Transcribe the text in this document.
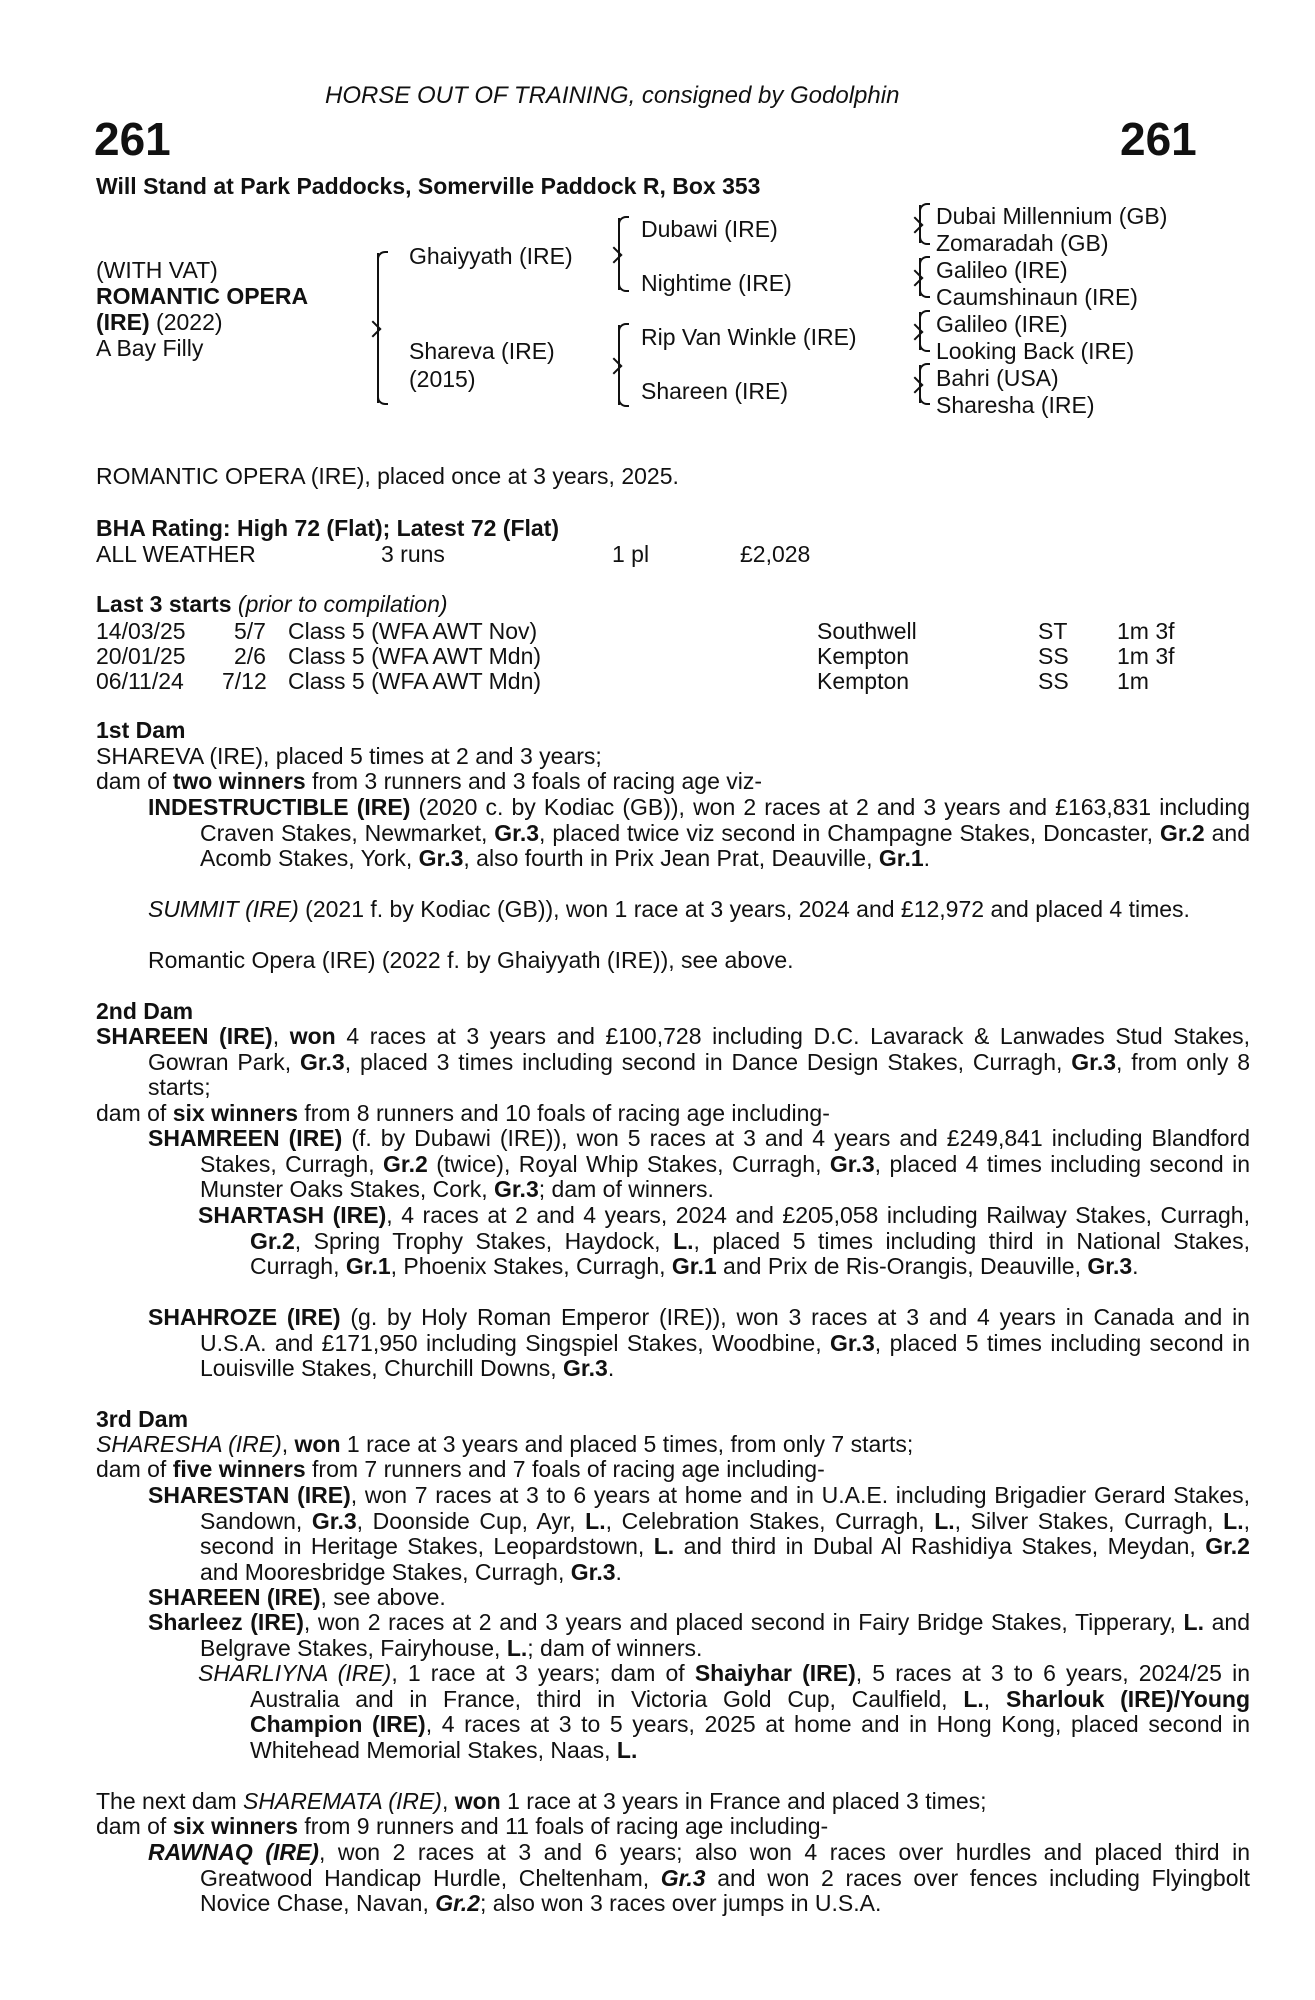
HORSE OUT OF TRAINING, consigned by Godolphin
261	261
Will Stand at Park Paddocks, Somerville Paddock R, Box 353
(WITH VAT)
ROMANTIC OPERA
(IRE) (2022)
A Bay Filly
Ghaiyyath (IRE)
Shareva (IRE)
(2015)
Dubawi (IRE)
Nightime (IRE)
Rip Van Winkle (IRE)
Shareen (IRE)
Dubai Millennium (GB)
Zomaradah (GB)
Galileo (IRE)
Caumshinaun (IRE)
Galileo (IRE)
Looking Back (IRE)
Bahri (USA)
Sharesha (IRE)
ROMANTIC OPERA (IRE), placed once at 3 years, 2025.
BHA Rating: High 72 (Flat); Latest 72 (Flat)
ALL WEATHER	3 runs	1 pl	£2,028
Last 3 starts (prior to compilation)
14/03/25 5/7 Class 5 (WFA AWT Nov)	Southwell	ST 1m 3f
20/01/25 2/6 Class 5 (WFA AWT Mdn)	Kempton	SS 1m 3f
06/11/24 7/12 Class 5 (WFA AWT Mdn)	Kempton	SS 1m
1st Dam
SHAREVA (IRE), placed 5 times at 2 and 3 years;
dam of two winners from 3 runners and 3 foals of racing age viz-
INDESTRUCTIBLE (IRE) (2020 c. by Kodiac (GB)), won 2 races at 2 and 3 years and £163,831 including Craven Stakes, Newmarket, Gr.3, placed twice viz second in Champagne Stakes, Doncaster, Gr.2 and Acomb Stakes, York, Gr.3, also fourth in Prix Jean Prat, Deauville, Gr.1.
SUMMIT (IRE) (2021 f. by Kodiac (GB)), won 1 race at 3 years, 2024 and £12,972 and placed 4 times.
Romantic Opera (IRE) (2022 f. by Ghaiyyath (IRE)), see above.
2nd Dam
SHAREEN (IRE), won 4 races at 3 years and £100,728 including D.C. Lavarack & Lanwades Stud Stakes, Gowran Park, Gr.3, placed 3 times including second in Dance Design Stakes, Curragh, Gr.3, from only 8 starts;
dam of six winners from 8 runners and 10 foals of racing age including-
SHAMREEN (IRE) (f. by Dubawi (IRE)), won 5 races at 3 and 4 years and £249,841 including Blandford Stakes, Curragh, Gr.2 (twice), Royal Whip Stakes, Curragh, Gr.3, placed 4 times including second in Munster Oaks Stakes, Cork, Gr.3; dam of winners.
SHARTASH (IRE), 4 races at 2 and 4 years, 2024 and £205,058 including Railway Stakes, Curragh, Gr.2, Spring Trophy Stakes, Haydock, L., placed 5 times including third in National Stakes, Curragh, Gr.1, Phoenix Stakes, Curragh, Gr.1 and Prix de Ris-Orangis, Deauville, Gr.3.
SHAHROZE (IRE) (g. by Holy Roman Emperor (IRE)), won 3 races at 3 and 4 years in Canada and in U.S.A. and £171,950 including Singspiel Stakes, Woodbine, Gr.3, placed 5 times including second in Louisville Stakes, Churchill Downs, Gr.3.
3rd Dam
SHARESHA (IRE), won 1 race at 3 years and placed 5 times, from only 7 starts;
dam of five winners from 7 runners and 7 foals of racing age including-
SHARESTAN (IRE), won 7 races at 3 to 6 years at home and in U.A.E. including Brigadier Gerard Stakes, Sandown, Gr.3, Doonside Cup, Ayr, L., Celebration Stakes, Curragh, L., Silver Stakes, Curragh, L., second in Heritage Stakes, Leopardstown, L. and third in Dubal Al Rashidiya Stakes, Meydan, Gr.2 and Mooresbridge Stakes, Curragh, Gr.3.
SHAREEN (IRE), see above.
Sharleez (IRE), won 2 races at 2 and 3 years and placed second in Fairy Bridge Stakes, Tipperary, L. and Belgrave Stakes, Fairyhouse, L.; dam of winners.
SHARLIYNA (IRE), 1 race at 3 years; dam of Shaiyhar (IRE), 5 races at 3 to 6 years, 2024/25 in Australia and in France, third in Victoria Gold Cup, Caulfield, L., Sharlouk (IRE)/Young Champion (IRE), 4 races at 3 to 5 years, 2025 at home and in Hong Kong, placed second in Whitehead Memorial Stakes, Naas, L.
The next dam SHAREMATA (IRE), won 1 race at 3 years in France and placed 3 times;
dam of six winners from 9 runners and 11 foals of racing age including-
RAWNAQ (IRE), won 2 races at 3 and 6 years; also won 4 races over hurdles and placed third in Greatwood Handicap Hurdle, Cheltenham, Gr.3 and won 2 races over fences including Flyingbolt Novice Chase, Navan, Gr.2; also won 3 races over jumps in U.S.A.
